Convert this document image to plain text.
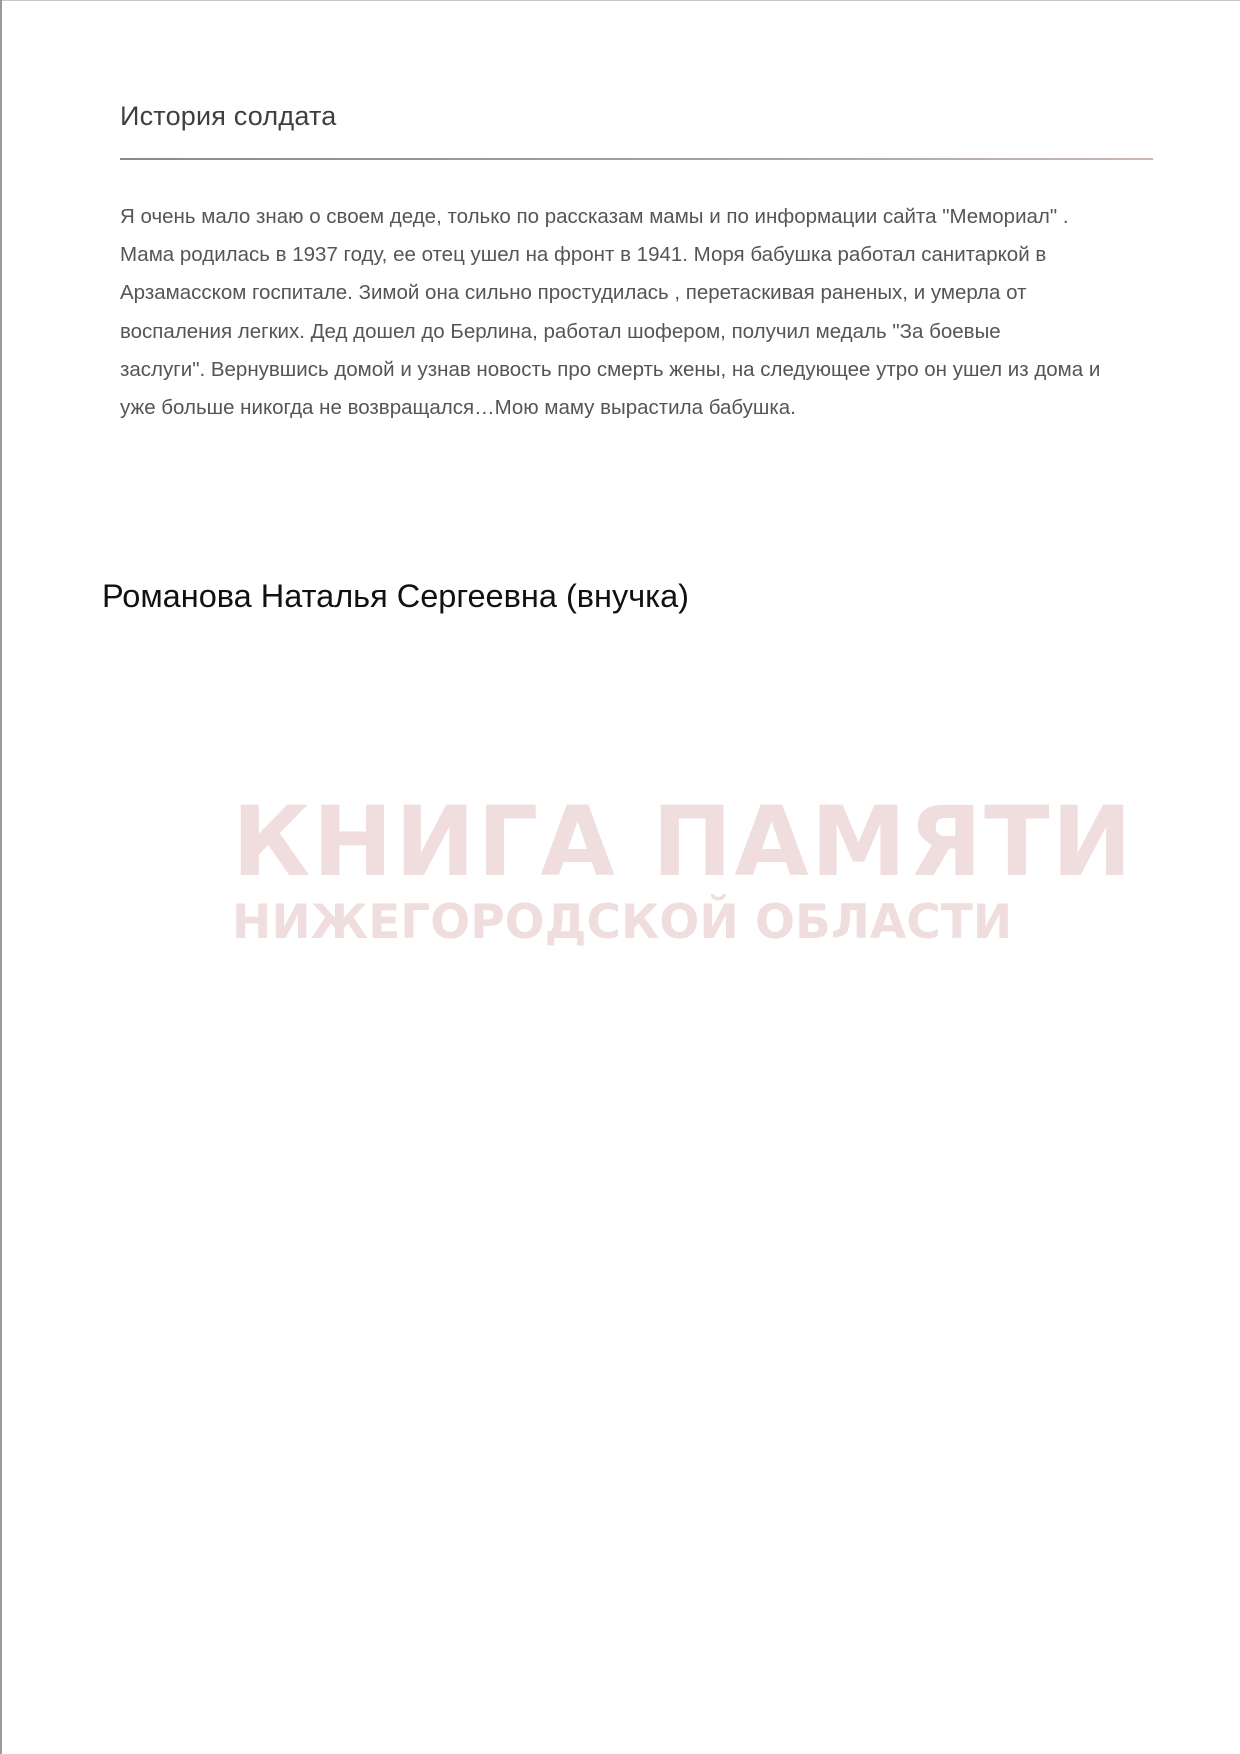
История солдата
Я очень мало знаю о своем деде, только по рассказам мамы и по информации сайта "Мемориал" .
Мама родилась в 1937 году, ее отец ушел на фронт в 1941. Моря бабушка работал санитаркой в
Арзамасском госпитале. Зимой она сильно простудилась , перетаскивая раненых, и умерла от
воспаления легких. Дед дошел до Берлина, работал шофером, получил медаль "За боевые
заслуги". Вернувшись домой и узнав новость про смерть жены, на следующее утро он ушел из дома и
уже больше никогда не возвращался…Мою маму вырастила бабушка.
Романова Наталья Сергеевна (внучка)
КНИГА ПАМЯТИ
НИЖЕГОРОДСКОЙ ОБЛАСТИ
